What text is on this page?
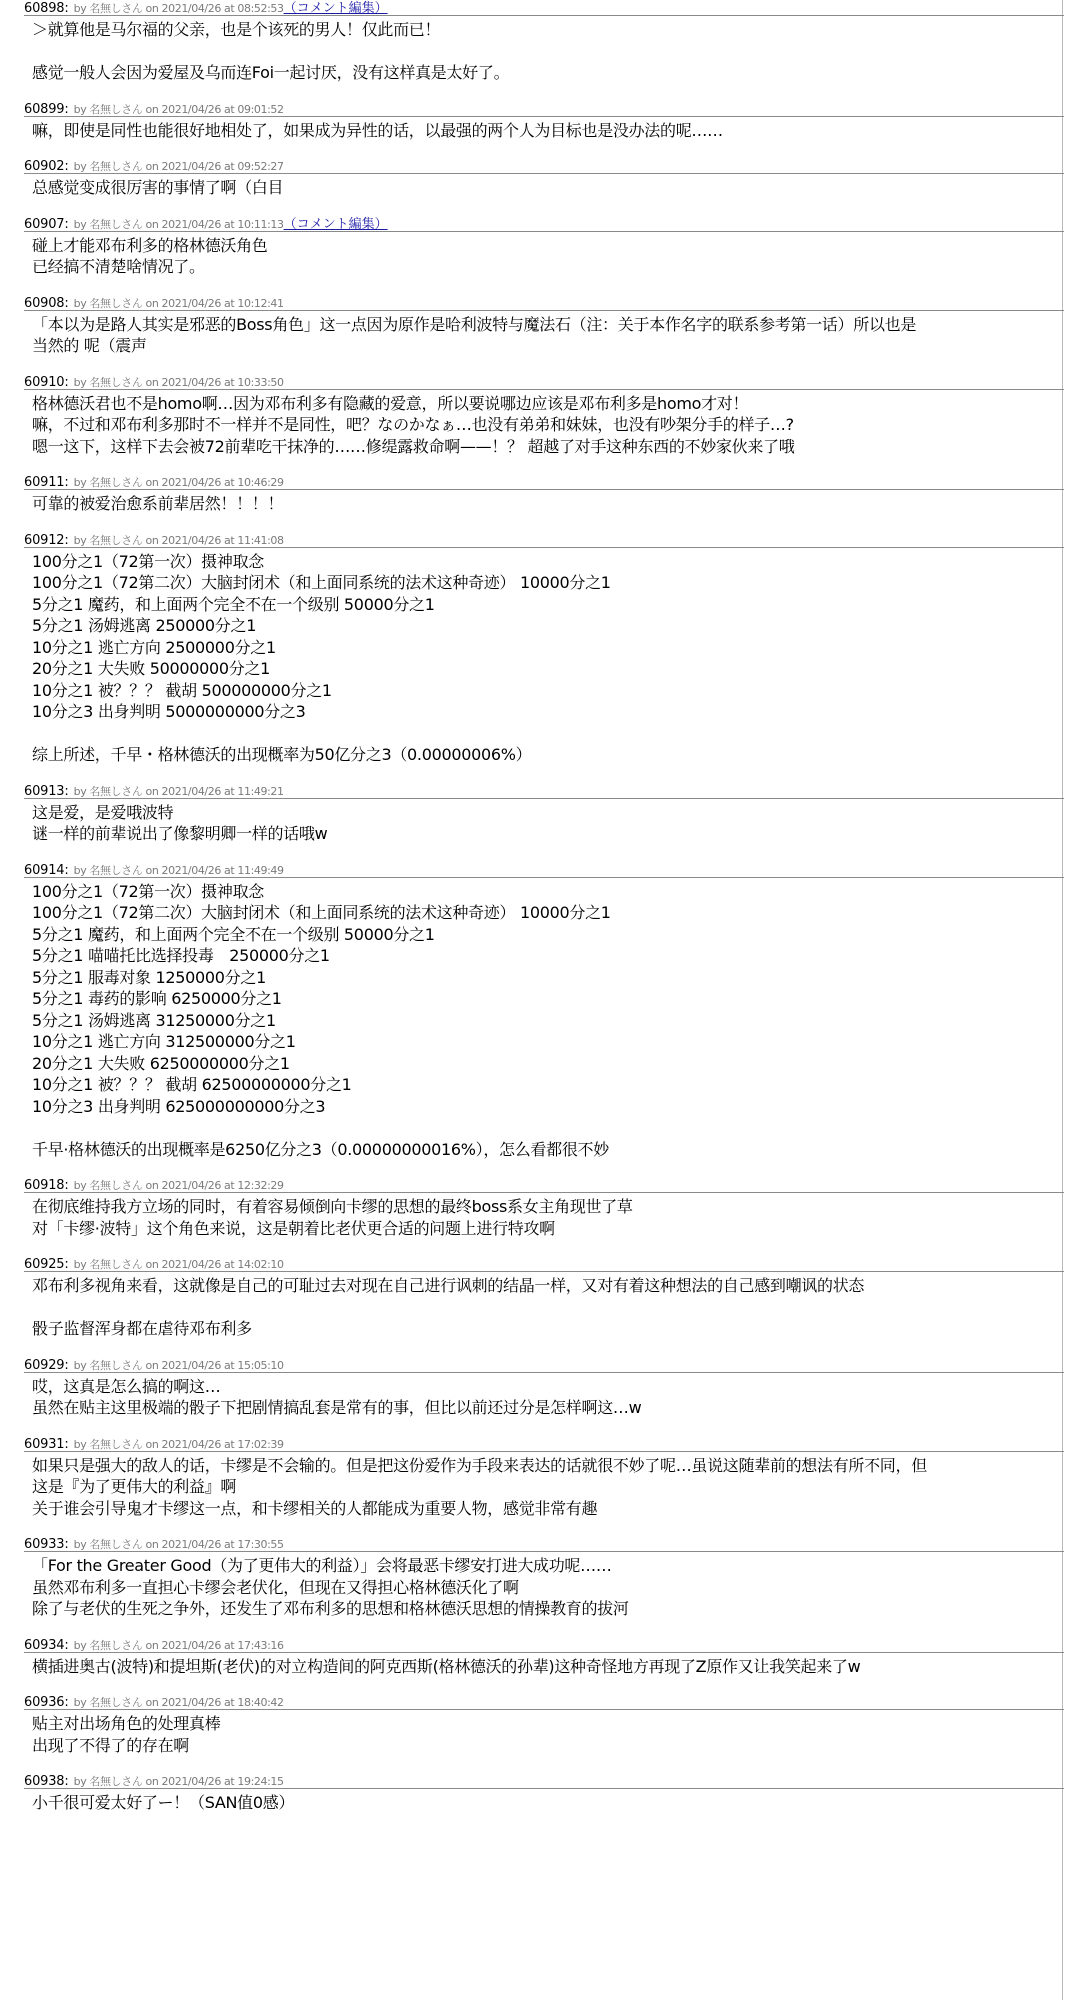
60898: by 名無しさん on 2021/04/26 at 08:52:53（コメント編集）
＞就算他是马尔福的父亲，也是个该死的男人！仅此而已！
感觉一般人会因为爱屋及乌而连Foi一起讨厌，没有这样真是太好了。
60899: by 名無しさん on 2021/04/26 at 09:01:52
嘛，即使是同性也能很好地相处了，如果成为异性的话，以最强的两个人为目标也是没办法的呢……
60902: by 名無しさん on 2021/04/26 at 09:52:27
总感觉变成很厉害的事情了啊（白目
60907: by 名無しさん on 2021/04/26 at 10:11:13（コメント編集）
碰上才能邓布利多的格林德沃角色
已经搞不清楚啥情况了。
60908: by 名無しさん on 2021/04/26 at 10:12:41
「本以为是路人其实是邪恶的Boss角色」这一点因为原作是哈利波特与魔法石（注：关于本作名字的联系参考第一话）所以也是
当然的 呢（震声
60910: by 名無しさん on 2021/04/26 at 10:33:50
格林德沃君也不是homo啊…因为邓布利多有隐藏的爱意，所以要说哪边应该是邓布利多是homo才对！
嘛，不过和邓布利多那时不一样并不是同性，吧？なのかなぁ…也没有弟弟和妹妹，也没有吵架分手的样子…?
嗯一这下，这样下去会被72前辈吃干抹净的……修缇露救命啊——！？ 超越了对手这种东西的不妙家伙来了哦
60911: by 名無しさん on 2021/04/26 at 10:46:29
可靠的被爱治愈系前辈居然！！！！
60912: by 名無しさん on 2021/04/26 at 11:41:08
100分之1（72第一次）摄神取念
100分之1（72第二次）大脑封闭术（和上面同系统的法术这种奇迹） 10000分之1
5分之1 魔药，和上面两个完全不在一个级别 50000分之1
5分之1 汤姆逃离 250000分之1
10分之1 逃亡方向 2500000分之1
20分之1 大失败 50000000分之1
10分之1 被？？？ 截胡 500000000分之1
10分之3 出身判明 5000000000分之3
综上所述，千早・格林德沃的出现概率为50亿分之3（0.00000006%）
60913: by 名無しさん on 2021/04/26 at 11:49:21
这是爱，是爱哦波特
谜一样的前辈说出了像黎明卿一样的话哦w
60914: by 名無しさん on 2021/04/26 at 11:49:49
100分之1（72第一次）摄神取念
100分之1（72第二次）大脑封闭术（和上面同系统的法术这种奇迹） 10000分之1
5分之1 魔药，和上面两个完全不在一个级别 50000分之1
5分之1 喵喵托比选择投毒　250000分之1
5分之1 服毒对象 1250000分之1
5分之1 毒药的影响 6250000分之1
5分之1 汤姆逃离 31250000分之1
10分之1 逃亡方向 312500000分之1
20分之1 大失败 6250000000分之1
10分之1 被？？？ 截胡 62500000000分之1
10分之3 出身判明 625000000000分之3
千早·格林德沃的出现概率是6250亿分之3（0.00000000016%），怎么看都很不妙
60918: by 名無しさん on 2021/04/26 at 12:32:29
在彻底维持我方立场的同时，有着容易倾倒向卡缪的思想的最终boss系女主角现世了草
对「卡缪·波特」这个角色来说，这是朝着比老伏更合适的问题上进行特攻啊
60925: by 名無しさん on 2021/04/26 at 14:02:10
邓布利多视角来看，这就像是自己的可耻过去对现在自己进行讽刺的结晶一样，又对有着这种想法的自己感到嘲讽的状态
骰子监督浑身都在虐待邓布利多
60929: by 名無しさん on 2021/04/26 at 15:05:10
哎，这真是怎么搞的啊这…
虽然在贴主这里极端的骰子下把剧情搞乱套是常有的事，但比以前还过分是怎样啊这…w
60931: by 名無しさん on 2021/04/26 at 17:02:39
如果只是强大的敌人的话，卡缪是不会输的。但是把这份爱作为手段来表达的话就很不妙了呢…虽说这随辈前的想法有所不同，但
这是『为了更伟大的利益』啊
关于谁会引导鬼才卡缪这一点，和卡缪相关的人都能成为重要人物，感觉非常有趣
60933: by 名無しさん on 2021/04/26 at 17:30:55
「For the Greater Good（为了更伟大的利益）」会将最恶卡缪安打进大成功呢……
虽然邓布利多一直担心卡缪会老伏化，但现在又得担心格林德沃化了啊
除了与老伏的生死之争外，还发生了邓布利多的思想和格林德沃思想的情操教育的拔河
60934: by 名無しさん on 2021/04/26 at 17:43:16
横插进奥古(波特)和提坦斯(老伏)的对立构造间的阿克西斯(格林德沃的孙辈)这种奇怪地方再现了Z原作又让我笑起来了w
60936: by 名無しさん on 2021/04/26 at 18:40:42
贴主对出场角色的处理真棒
出现了不得了的存在啊
60938: by 名無しさん on 2021/04/26 at 19:24:15
小千很可爱太好了ー！（SAN值0感）
